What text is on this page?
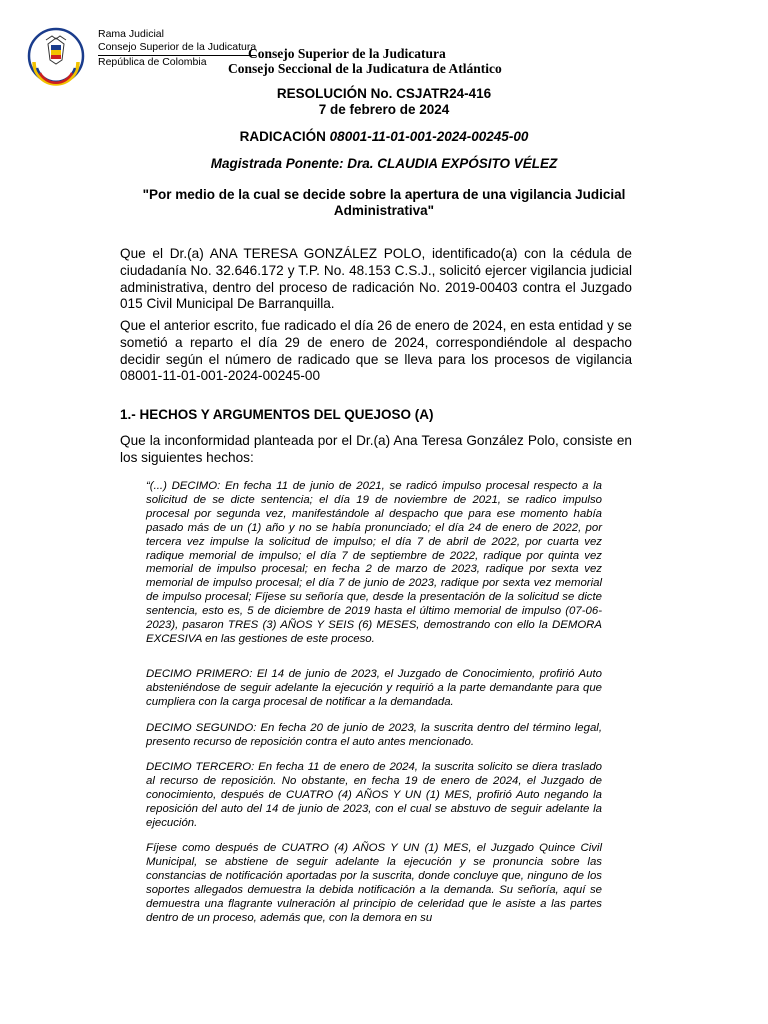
Rama Judicial
Consejo Superior de la Judicatura
República de Colombia
Consejo Superior de la Judicatura
Consejo Seccional de la Judicatura de Atlántico
RESOLUCIÓN No. CSJATR24-416
7 de febrero de 2024
RADICACIÓN 08001-11-01-001-2024-00245-00
Magistrada Ponente: Dra. CLAUDIA EXPÓSITO VÉLEZ
"Por medio de la cual se decide sobre la apertura de una vigilancia Judicial
Administrativa"

Que el Dr.(a) ANA TERESA GONZÁLEZ POLO, identificado(a) con la cédula de ciudadanía No. 32.646.172 y T.P. No. 48.153 C.S.J., solicitó ejercer vigilancia judicial administrativa, dentro del proceso de radicación No. 2019-00403 contra el Juzgado 015 Civil Municipal De Barranquilla.

Que el anterior escrito, fue radicado el día 26 de enero de 2024, en esta entidad y se sometió a reparto el día 29 de enero de 2024, correspondiéndole al despacho decidir según el número de radicado que se lleva para los procesos de vigilancia 08001-11-01-001-2024-00245-00

1.- HECHOS Y ARGUMENTOS DEL QUEJOSO (A)

Que la inconformidad planteada por el Dr.(a) Ana Teresa González Polo, consiste en los siguientes hechos:

“(...) DECIMO: En fecha 11 de junio de 2021, se radicó impulso procesal respecto a la solicitud de se dicte sentencia; el día 19 de noviembre de 2021, se radico impulso procesal por segunda vez, manifestándole al despacho que para ese momento había pasado más de un (1) año y no se había pronunciado; el día 24 de enero de 2022, por tercera vez impulse la solicitud de impulso; el día 7 de abril de 2022, por cuarta vez radique memorial de impulso; el día 7 de septiembre de 2022, radique por quinta vez memorial de impulso procesal; en fecha 2 de marzo de 2023, radique por sexta vez memorial de impulso procesal; el día 7 de junio de 2023, radique por sexta vez memorial de impulso procesal; Fíjese su señoría que, desde la presentación de la solicitud se dicte sentencia, esto es, 5 de diciembre de 2019 hasta el último memorial de impulso (07-06-2023), pasaron TRES (3) AÑOS Y SEIS (6) MESES, demostrando con ello la DEMORA EXCESIVA en las gestiones de este proceso.

DECIMO PRIMERO: El 14 de junio de 2023, el Juzgado de Conocimiento, profirió Auto absteniéndose de seguir adelante la ejecución y requirió a la parte demandante para que cumpliera con la carga procesal de notificar a la demandada.

DECIMO SEGUNDO: En fecha 20 de junio de 2023, la suscrita dentro del término legal, presento recurso de reposición contra el auto antes mencionado.

DECIMO TERCERO: En fecha 11 de enero de 2024, la suscrita solicito se diera traslado al recurso de reposición. No obstante, en fecha 19 de enero de 2024, el Juzgado de conocimiento, después de CUATRO (4) AÑOS Y UN (1) MES, profirió Auto negando la reposición del auto del 14 de junio de 2023, con el cual se abstuvo de seguir adelante la ejecución.

Fíjese como después de CUATRO (4) AÑOS Y UN (1) MES, el Juzgado Quince Civil Municipal, se abstiene de seguir adelante la ejecución y se pronuncia sobre las constancias de notificación aportadas por la suscrita, donde concluye que, ninguno de los soportes allegados demuestra la debida notificación a la demanda. Su señoría, aquí se demuestra una flagrante vulneración al principio de celeridad que le asiste a las partes dentro de un proceso, además que, con la demora en su
